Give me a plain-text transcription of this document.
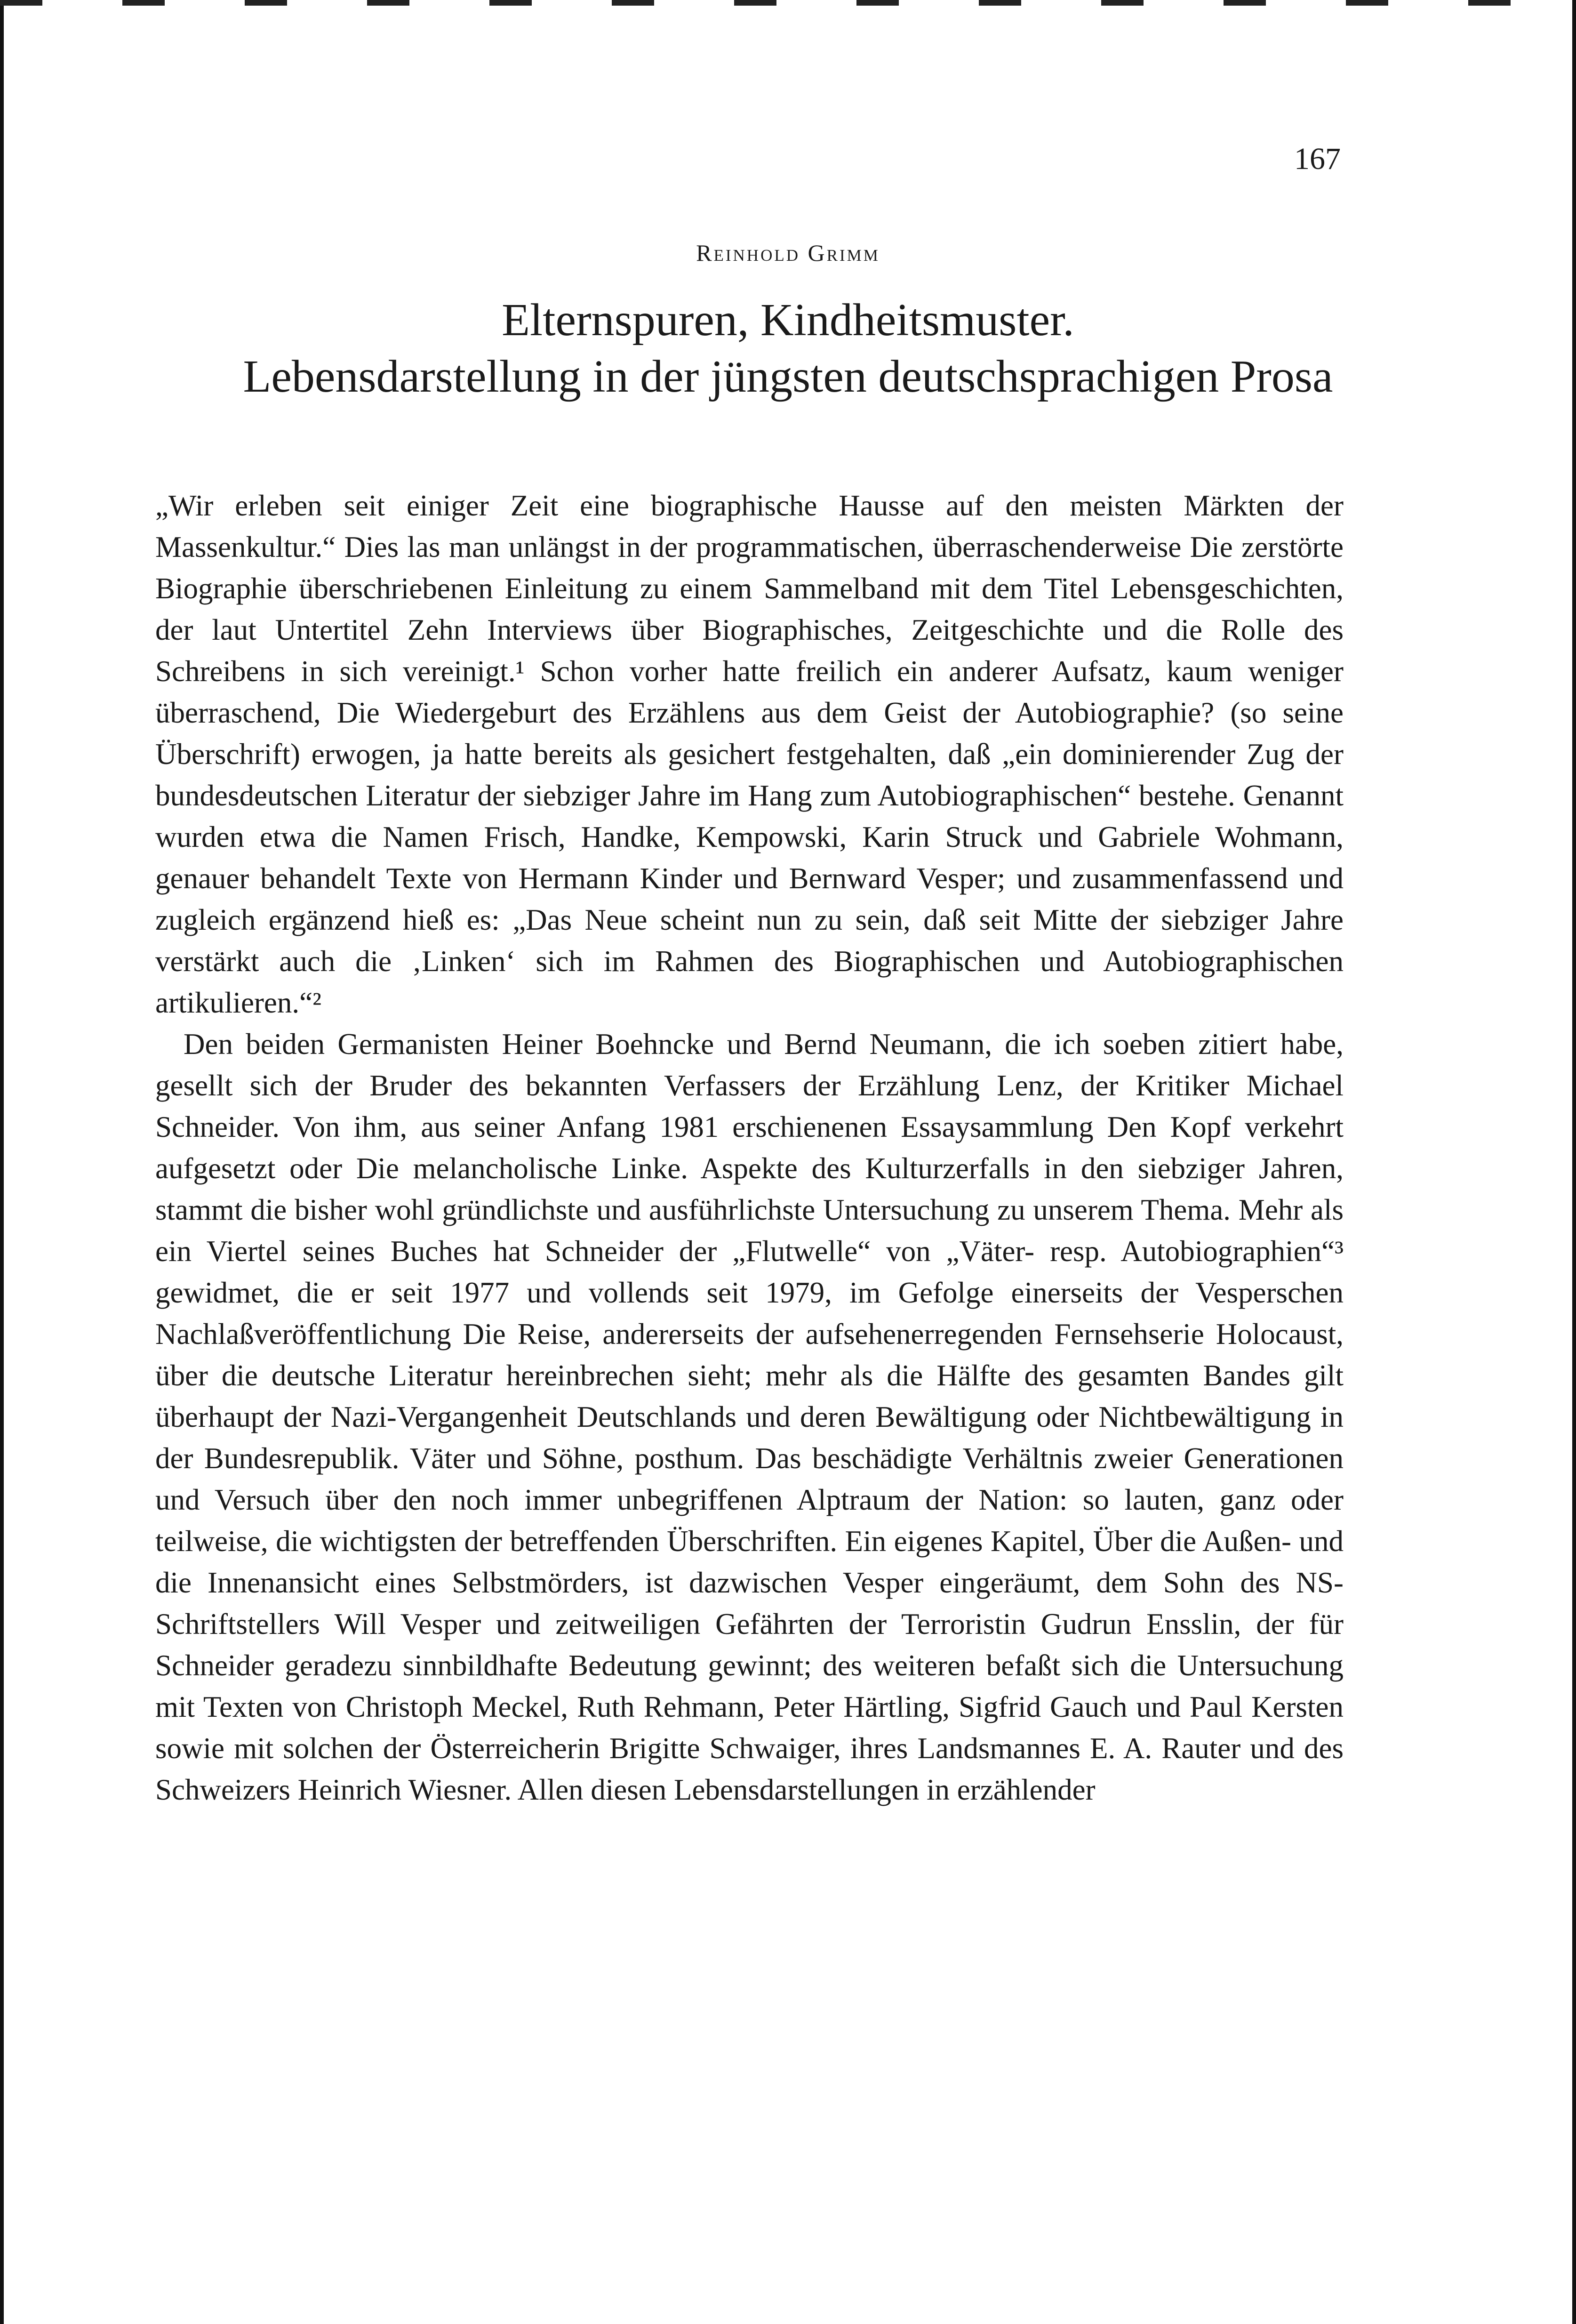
167
Reinhold Grimm
Elternspuren, Kindheitsmuster.
Lebensdarstellung in der jüngsten deutschsprachigen Prosa

„Wir erleben seit einiger Zeit eine biographische Hausse auf den meisten Märkten der Massenkultur.“ Dies las man unlängst in der programmatischen, überraschenderweise Die zerstörte Biographie überschriebenen Einleitung zu einem Sammelband mit dem Titel Lebensgeschichten, der laut Untertitel Zehn Interviews über Biographisches, Zeitgeschichte und die Rolle des Schreibens in sich vereinigt.¹ Schon vorher hatte freilich ein anderer Aufsatz, kaum weniger überraschend, Die Wiedergeburt des Erzählens aus dem Geist der Autobiographie? (so seine Überschrift) erwogen, ja hatte bereits als gesichert festgehalten, daß „ein dominierender Zug der bundesdeutschen Literatur der siebziger Jahre im Hang zum Autobiographischen“ bestehe. Genannt wurden etwa die Namen Frisch, Handke, Kempowski, Karin Struck und Gabriele Wohmann, genauer behandelt Texte von Hermann Kinder und Bernward Vesper; und zusammenfassend und zugleich ergänzend hieß es: „Das Neue scheint nun zu sein, daß seit Mitte der siebziger Jahre verstärkt auch die ‚Linken‘ sich im Rahmen des Biographischen und Autobiographischen artikulieren.“²

Den beiden Germanisten Heiner Boehncke und Bernd Neumann, die ich soeben zitiert habe, gesellt sich der Bruder des bekannten Verfassers der Erzählung Lenz, der Kritiker Michael Schneider. Von ihm, aus seiner Anfang 1981 erschienenen Essaysammlung Den Kopf verkehrt aufgesetzt oder Die melancholische Linke. Aspekte des Kulturzerfalls in den siebziger Jahren, stammt die bisher wohl gründlichste und ausführlichste Untersuchung zu unserem Thema. Mehr als ein Viertel seines Buches hat Schneider der „Flutwelle“ von „Väter- resp. Autobiographien“³ gewidmet, die er seit 1977 und vollends seit 1979, im Gefolge einerseits der Vesperschen Nachlaßveröffentlichung Die Reise, andererseits der aufsehenerregenden Fernsehserie Holocaust, über die deutsche Literatur hereinbrechen sieht; mehr als die Hälfte des gesamten Bandes gilt überhaupt der Nazi-Vergangenheit Deutschlands und deren Bewältigung oder Nichtbewältigung in der Bundesrepublik. Väter und Söhne, posthum. Das beschädigte Verhältnis zweier Generationen und Versuch über den noch immer unbegriffenen Alptraum der Nation: so lauten, ganz oder teilweise, die wichtigsten der betreffenden Überschriften. Ein eigenes Kapitel, Über die Außen- und die Innenansicht eines Selbstmörders, ist dazwischen Vesper eingeräumt, dem Sohn des NS-Schriftstellers Will Vesper und zeitweiligen Gefährten der Terroristin Gudrun Ensslin, der für Schneider geradezu sinnbildhafte Bedeutung gewinnt; des weiteren befaßt sich die Untersuchung mit Texten von Christoph Meckel, Ruth Rehmann, Peter Härtling, Sigfrid Gauch und Paul Kersten sowie mit solchen der Österreicherin Brigitte Schwaiger, ihres Landsmannes E. A. Rauter und des Schweizers Heinrich Wiesner. Allen diesen Lebensdarstellungen in erzählender
